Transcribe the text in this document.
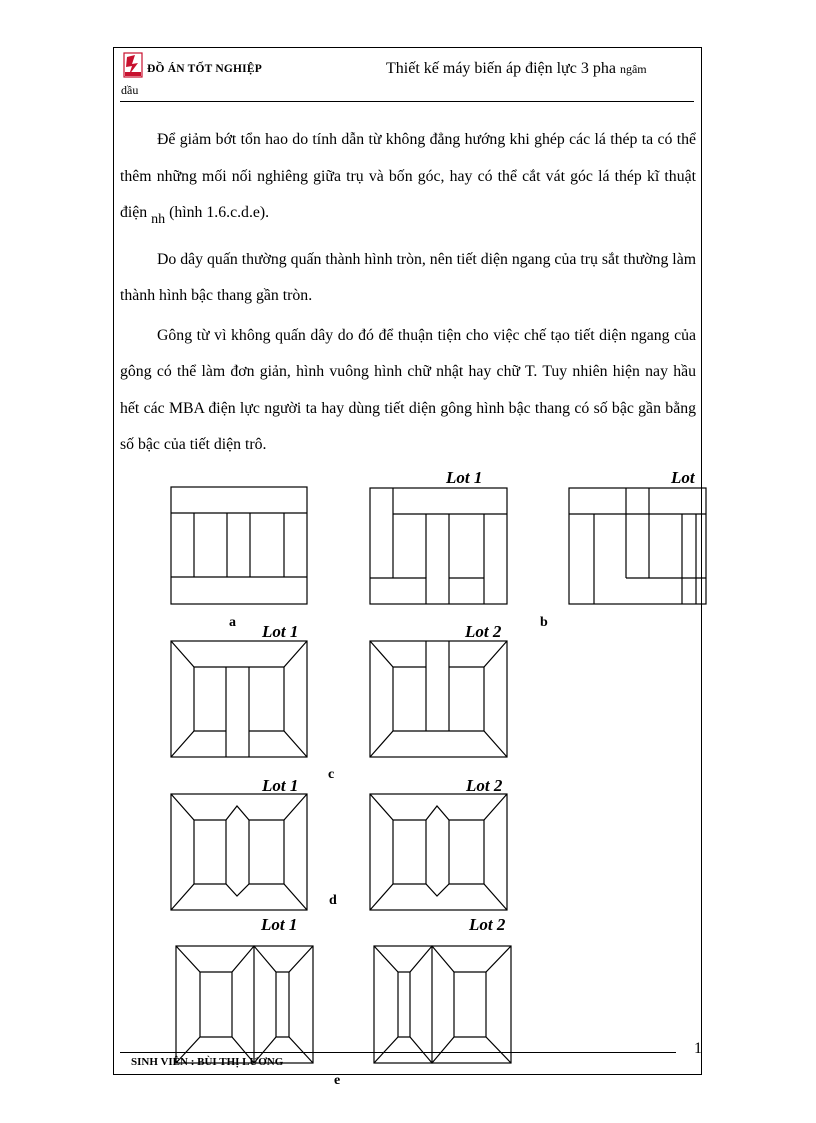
ĐỒ ÁN TỐT NGHIỆP	Thiết kế máy biến áp điện lực 3 pha ngâm
dầu

Để giảm bớt tổn hao do tính dẫn từ không đẳng hướng khi ghép các lá thép ta có thể thêm những mối nối nghiêng giữa trụ và bốn góc, hay có thể cắt vát góc lá thép kĩ thuật điện nh (hình 1.6.c.d.e).

Do dây quấn thường quấn thành hình tròn, nên tiết diện ngang của trụ sắt thường làm thành hình bậc thang gần tròn.

Gông từ vì không quấn dây do đó để thuận tiện cho việc chế tạo tiết diện ngang của gông có thể làm đơn giản, hình vuông hình chữ nhật hay chữ T. Tuy nhiên hiện nay hầu hết các MBA điện lực người ta hay dùng tiết diện gông hình bậc thang có số bậc gần bằng số bậc của tiết diện trô.

Lot 1	Lot
a	b
Lot 1	Lot 2
c
Lot 1	Lot 2
d
Lot 1	Lot 2
e
SINH VIÊN : BÙI THỊ LƯƠNG
1
